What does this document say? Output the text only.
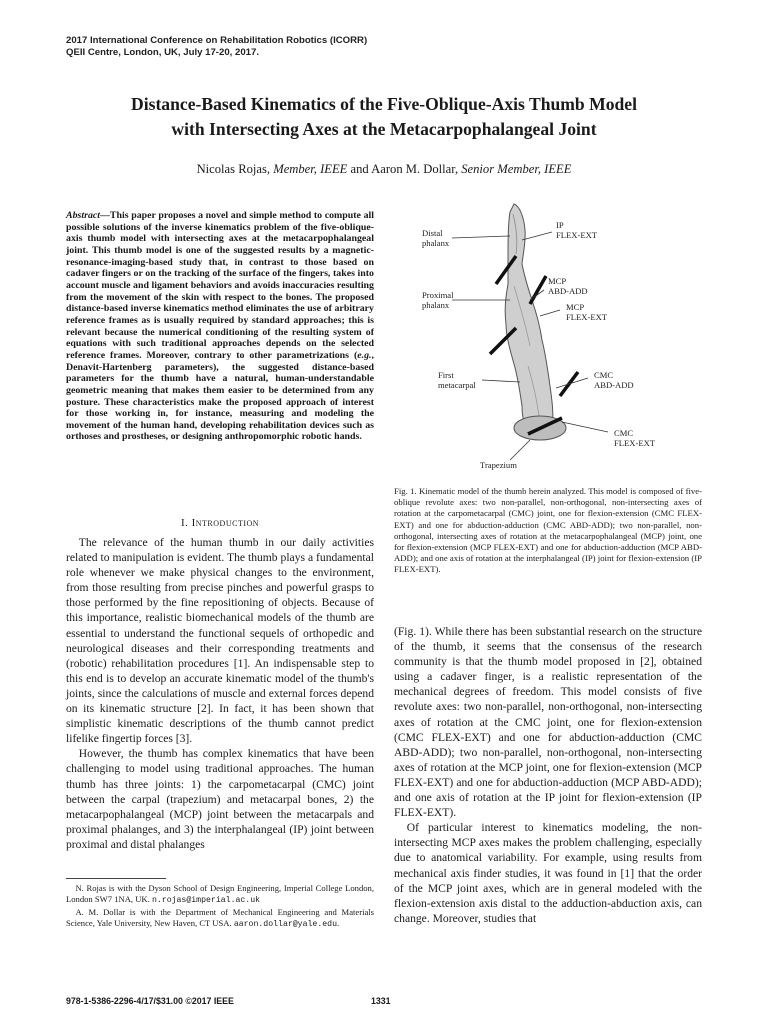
2017 International Conference on Rehabilitation Robotics (ICORR)
QEII Centre, London, UK, July 17-20, 2017.
Distance-Based Kinematics of the Five-Oblique-Axis Thumb Model
with Intersecting Axes at the Metacarpophalangeal Joint
Nicolas Rojas, Member, IEEE and Aaron M. Dollar, Senior Member, IEEE
Abstract—This paper proposes a novel and simple method to compute all possible solutions of the inverse kinematics problem of the five-oblique-axis thumb model with intersecting axes at the metacarpophalangeal joint. This thumb model is one of the suggested results by a magnetic-resonance-imaging-based study that, in contrast to those based on cadaver fingers or on the tracking of the surface of the fingers, takes into account muscle and ligament behaviors and avoids inaccuracies resulting from the movement of the skin with respect to the bones. The proposed distance-based inverse kinematics method eliminates the use of arbitrary reference frames as is usually required by standard approaches; this is relevant because the numerical conditioning of the resulting system of equations with such traditional approaches depends on the selected reference frames. Moreover, contrary to other parametrizations (e.g., Denavit-Hartenberg parameters), the suggested distance-based parameters for the thumb have a natural, human-understandable geometric meaning that makes them easier to be determined from any posture. These characteristics make the proposed approach of interest for those working in, for instance, measuring and modeling the movement of the human hand, developing rehabilitation devices such as orthoses and prostheses, or designing anthropomorphic robotic hands.
I. Introduction

The relevance of the human thumb in our daily activities related to manipulation is evident. The thumb plays a fundamental role whenever we make physical changes to the environment, from those resulting from precise pinches and powerful grasps to those performed by the fine repositioning of objects. Because of this importance, realistic biomechanical models of the thumb are essential to understand the functional sequels of orthopedic and neurological diseases and their corresponding treatments and (robotic) rehabilitation procedures [1]. An indispensable step to this end is to develop an accurate kinematic model of the thumb's joints, since the calculations of muscle and external forces depend on its kinematic structure [2]. In fact, it has been shown that simplistic kinematic descriptions of the thumb cannot predict lifelike fingertip forces [3].

However, the thumb has complex kinematics that have been challenging to model using traditional approaches. The human thumb has three joints: 1) the carpometacarpal (CMC) joint between the carpal (trapezium) and metacarpal bones, 2) the metacarpophalangeal (MCP) joint between the metacarpals and proximal phalanges, and 3) the interphalangeal (IP) joint between proximal and distal phalanges

N. Rojas is with the Dyson School of Design Engineering, Imperial College London, London SW7 1NA, UK. n.rojas@imperial.ac.uk

A. M. Dollar is with the Department of Mechanical Engineering and Materials Science, Yale University, New Haven, CT USA. aaron.dollar@yale.edu.

Distal
phalanx
IP
FLEX-EXT
Proximal
phalanx
MCP
ABD-ADD
MCP
FLEX-EXT
First
metacarpal
CMC
ABD-ADD
CMC
FLEX-EXT
Trapezium
Fig. 1. Kinematic model of the thumb herein analyzed. This model is composed of five-oblique revolute axes: two non-parallel, non-orthogonal, non-intersecting axes of rotation at the carpometacarpal (CMC) joint, one for flexion-extension (CMC FLEX-EXT) and one for abduction-adduction (CMC ABD-ADD); two non-parallel, non-orthogonal, intersecting axes of rotation at the metacarpophalangeal (MCP) joint, one for flexion-extension (MCP FLEX-EXT) and one for abduction-adduction (MCP ABD-ADD); and one axis of rotation at the interphalangeal (IP) joint for flexion-extension (IP FLEX-EXT).

(Fig. 1). While there has been substantial research on the structure of the thumb, it seems that the consensus of the research community is that the thumb model proposed in [2], obtained using a cadaver finger, is a realistic representation of the mechanical degrees of freedom. This model consists of five revolute axes: two non-parallel, non-orthogonal, non-intersecting axes of rotation at the CMC joint, one for flexion-extension (CMC FLEX-EXT) and one for abduction-adduction (CMC ABD-ADD); two non-parallel, non-orthogonal, non-intersecting axes of rotation at the MCP joint, one for flexion-extension (MCP FLEX-EXT) and one for abduction-adduction (MCP ABD-ADD); and one axis of rotation at the IP joint for flexion-extension (IP FLEX-EXT).

Of particular interest to kinematics modeling, the non-intersecting MCP axes makes the problem challenging, especially due to anatomical variability. For example, using results from mechanical axis finder studies, it was found in [1] that the order of the MCP joint axes, which are in general modeled with the flexion-extension axis distal to the adduction-abduction axis, can change. Moreover, studies that

978-1-5386-2296-4/17/$31.00 ©2017 IEEE	1331
